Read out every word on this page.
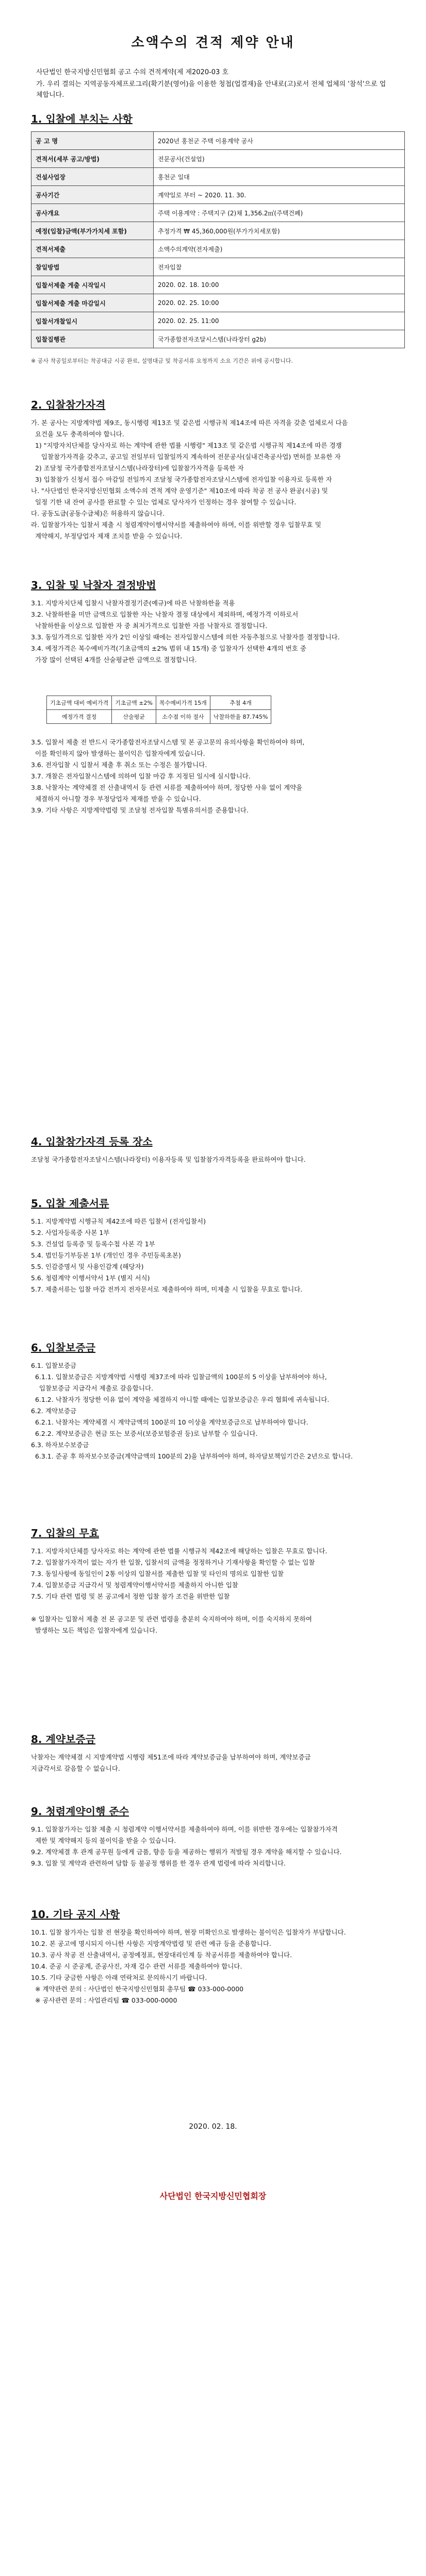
소액수의 견적 제약 안내
사단법인 한국지방신민협회 공고 수의 견적계약(제 제2020-03 호
가. 우리 결의는 지역공동자체프로그리(확기분(영어)을 이용한 청첩(업결재)을 안내로(고)로서 전체 업체의 '참석'으로 업체합니다.
1. 입찰에 부치는 사항
공 고 명	2020년 홍천군 주택 이용계약 공사
견적서(세부 공고/방법)	전문공사(건설업)
건설사업장	홍천군 일대
공사기간	계약일로 부터 ~ 2020. 11. 30.
공사개요	주택 이용계약 : 주택지구 (2)채 1,356.2㎡(주택건폐)
예정(입찰)금액(부가가치세 포함)	추정가격 ₩ 45,360,000원(부가가치세포함)
견적서제출	소액수의계약(전자제출)
참일방법	전자입찰
입찰서제출 게출 시작일시	2020. 02. 18. 10:00
입찰서제출 게출 마감일시	2020. 02. 25. 10:00
입찰서개찰일시	2020. 02. 25. 11:00
입찰집행관	국가종합전자조달시스템(나라장터 g2b)
※ 공사 착공일로부터는 착공대금 시공 완료, 설명대금 및 착공서류 요청까지 소요 기간은 위에 공시합니다.
2. 입찰참가자격
가. 본 공사는 지방계약법 제9조, 동시행령 제13조 및 같은법 시행규칙 제14조에 따른 자격을 갖춘 업체로서 다음
요건을 모두 충족하여야 합니다.
1) "지방자치단체를 당사자로 하는 계약에 관한 법률 시행령" 제13조 및 같은법 시행규칙 제14조에 따른 경쟁
입찰참가자격을 갖추고, 공고일 전일부터 입찰일까지 계속하여 전문공사(실내건축공사업) 면허를 보유한 자
2) 조달청 국가종합전자조달시스템(나라장터)에 입찰참가자격을 등록한 자
3) 입찰참가 신청서 접수 마감일 전일까지 조달청 국가종합전자조달시스템에 전자입찰 이용자로 등록한 자
나. "사단법인 한국지방신민협회 소액수의 견적 계약 운영기준" 제10조에 따라 착공 전 공사 완공(시공) 및
일정 기한 내 잔여 공사를 완료할 수 있는 업체로 당사자가 인정하는 경우 참여할 수 있습니다.
다. 공동도급(공동수급체)은 허용하지 않습니다.
라. 입찰참가자는 입찰서 제출 시 청렴계약이행서약서를 제출하여야 하며, 이를 위반할 경우 입찰무효 및
계약해지, 부정당업자 제재 조치를 받을 수 있습니다.
3. 입찰 및 낙찰자 결정방법
3.1. 지방자치단체 입찰시 낙찰자결정기준(예규)에 따른 낙찰하한율 적용
3.2. 낙찰하한율 미만 금액으로 입찰한 자는 낙찰자 결정 대상에서 제외하며, 예정가격 이하로서
낙찰하한율 이상으로 입찰한 자 중 최저가격으로 입찰한 자를 낙찰자로 결정합니다.
3.3. 동일가격으로 입찰한 자가 2인 이상일 때에는 전자입찰시스템에 의한 자동추첨으로 낙찰자를 결정합니다.
3.4. 예정가격은 복수예비가격(기초금액의 ±2% 범위 내 15개) 중 입찰자가 선택한 4개의 번호 중
가장 많이 선택된 4개를 산술평균한 금액으로 결정합니다.
기초금액 대비 예비가격	기초금액 ±2%	복수예비가격 15개	추첨 4개
예정가격 결정	산술평균	소수점 이하 절사	낙찰하한율 87.745%
3.5. 입찰서 제출 전 반드시 국가종합전자조달시스템 및 본 공고문의 유의사항을 확인하여야 하며,
이를 확인하지 않아 발생하는 불이익은 입찰자에게 있습니다.
3.6. 전자입찰 시 입찰서 제출 후 취소 또는 수정은 불가합니다.
3.7. 개찰은 전자입찰시스템에 의하여 입찰 마감 후 지정된 일시에 실시합니다.
3.8. 낙찰자는 계약체결 전 산출내역서 등 관련 서류를 제출하여야 하며, 정당한 사유 없이 계약을
체결하지 아니할 경우 부정당업자 제재를 받을 수 있습니다.
3.9. 기타 사항은 지방계약법령 및 조달청 전자입찰 특별유의서를 준용합니다.
4. 입찰참가자격 등록 장소
조달청 국가종합전자조달시스템(나라장터) 이용자등록 및 입찰참가자격등록을 완료하여야 합니다.
5. 입찰 제출서류
5.1. 지방계약법 시행규칙 제42조에 따른 입찰서 (전자입찰서)
5.2. 사업자등록증 사본 1부
5.3. 건설업 등록증 및 등록수첩 사본 각 1부
5.4. 법인등기부등본 1부 (개인인 경우 주민등록초본)
5.5. 인감증명서 및 사용인감계 (해당자)
5.6. 청렴계약 이행서약서 1부 (별지 서식)
5.7. 제출서류는 입찰 마감 전까지 전자문서로 제출하여야 하며, 미제출 시 입찰을 무효로 합니다.
6. 입찰보증금
6.1. 입찰보증금
6.1.1. 입찰보증금은 지방계약법 시행령 제37조에 따라 입찰금액의 100분의 5 이상을 납부하여야 하나,
입찰보증금 지급각서 제출로 갈음합니다.
6.1.2. 낙찰자가 정당한 이유 없이 계약을 체결하지 아니할 때에는 입찰보증금은 우리 협회에 귀속됩니다.
6.2. 계약보증금
6.2.1. 낙찰자는 계약체결 시 계약금액의 100분의 10 이상을 계약보증금으로 납부하여야 합니다.
6.2.2. 계약보증금은 현금 또는 보증서(보증보험증권 등)로 납부할 수 있습니다.
6.3. 하자보수보증금
6.3.1. 준공 후 하자보수보증금(계약금액의 100분의 2)을 납부하여야 하며, 하자담보책임기간은 2년으로 합니다.
7. 입찰의 무효
7.1. 지방자치단체를 당사자로 하는 계약에 관한 법률 시행규칙 제42조에 해당하는 입찰은 무효로 합니다.
7.2. 입찰참가자격이 없는 자가 한 입찰, 입찰서의 금액을 정정하거나 기재사항을 확인할 수 없는 입찰
7.3. 동일사항에 동일인이 2통 이상의 입찰서를 제출한 입찰 및 타인의 명의로 입찰한 입찰
7.4. 입찰보증금 지급각서 및 청렴계약이행서약서를 제출하지 아니한 입찰
7.5. 기타 관련 법령 및 본 공고에서 정한 입찰 참가 조건을 위반한 입찰

※ 입찰자는 입찰서 제출 전 본 공고문 및 관련 법령을 충분히 숙지하여야 하며, 이를 숙지하지 못하여
발생하는 모든 책임은 입찰자에게 있습니다.
8. 계약보증금
낙찰자는 계약체결 시 지방계약법 시행령 제51조에 따라 계약보증금을 납부하여야 하며, 계약보증금
지급각서로 갈음할 수 없습니다.
9. 청렴계약이행 준수
9.1. 입찰참가자는 입찰 제출 시 청렴계약 이행서약서를 제출하여야 하며, 이를 위반한 경우에는 입찰참가자격
제한 및 계약해지 등의 불이익을 받을 수 있습니다.
9.2. 계약체결 후 관계 공무원 등에게 금품, 향응 등을 제공하는 행위가 적발될 경우 계약을 해지할 수 있습니다.
9.3. 입찰 및 계약과 관련하여 담합 등 불공정 행위를 한 경우 관계 법령에 따라 처리합니다.
10. 기타 공지 사항
10.1. 입찰 참가자는 입찰 전 현장을 확인하여야 하며, 현장 미확인으로 발생하는 불이익은 입찰자가 부담합니다.
10.2. 본 공고에 명시되지 아니한 사항은 지방계약법령 및 관련 예규 등을 준용합니다.
10.3. 공사 착공 전 산출내역서, 공정예정표, 현장대리인계 등 착공서류를 제출하여야 합니다.
10.4. 준공 시 준공계, 준공사진, 자재 검수 관련 서류를 제출하여야 합니다.
10.5. 기타 궁금한 사항은 아래 연락처로 문의하시기 바랍니다.
※ 계약관련 문의 : 사단법인 한국지방신민협회 총무팀 ☎ 033-000-0000
※ 공사관련 문의 : 사업관리팀 ☎ 033-000-0000
2020. 02. 18.
사단법인 한국지방신민협회장
